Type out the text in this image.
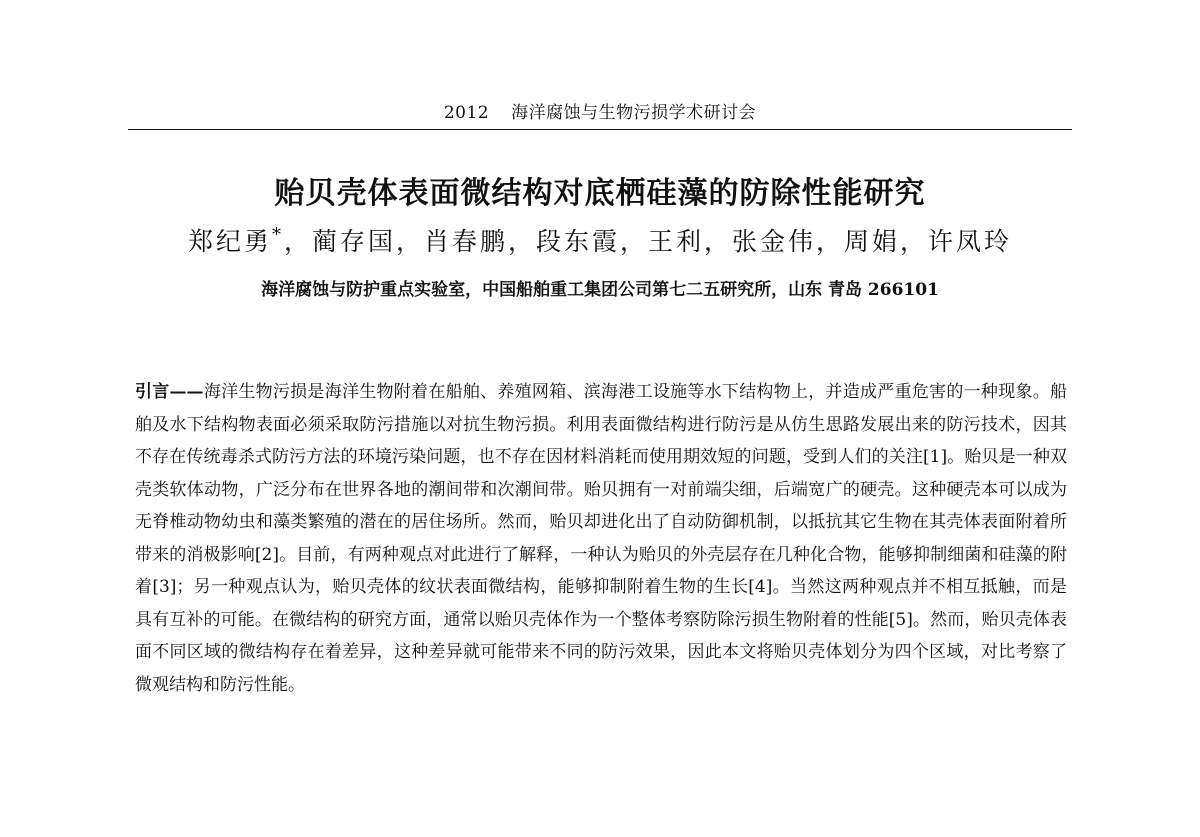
2012 海洋腐蚀与生物污损学术研讨会
贻贝壳体表面微结构对底栖硅藻的防除性能研究
郑纪勇*，蔺存国，肖春鹏，段东霞，王利，张金伟，周娟，许凤玲
海洋腐蚀与防护重点实验室，中国船舶重工集团公司第七二五研究所，山东 青岛 266101

引言——海洋生物污损是海洋生物附着在船舶、养殖网箱、滨海港工设施等水下结构物上，并造成严重危害的一种现象。船舶及水下结构物表面必须采取防污措施以对抗生物污损。利用表面微结构进行防污是从仿生思路发展出来的防污技术，因其不存在传统毒杀式防污方法的环境污染问题，也不存在因材料消耗而使用期效短的问题，受到人们的关注[1]。贻贝是一种双壳类软体动物，广泛分布在世界各地的潮间带和次潮间带。贻贝拥有一对前端尖细，后端宽广的硬壳。这种硬壳本可以成为无脊椎动物幼虫和藻类繁殖的潜在的居住场所。然而，贻贝却进化出了自动防御机制，以抵抗其它生物在其壳体表面附着所带来的消极影响[2]。目前，有两种观点对此进行了解释，一种认为贻贝的外壳层存在几种化合物，能够抑制细菌和硅藻的附着[3]；另一种观点认为，贻贝壳体的纹状表面微结构，能够抑制附着生物的生长[4]。当然这两种观点并不相互抵触，而是具有互补的可能。在微结构的研究方面，通常以贻贝壳体作为一个整体考察防除污损生物附着的性能[5]。然而，贻贝壳体表面不同区域的微结构存在着差异，这种差异就可能带来不同的防污效果，因此本文将贻贝壳体划分为四个区域，对比考察了微观结构和防污性能。
